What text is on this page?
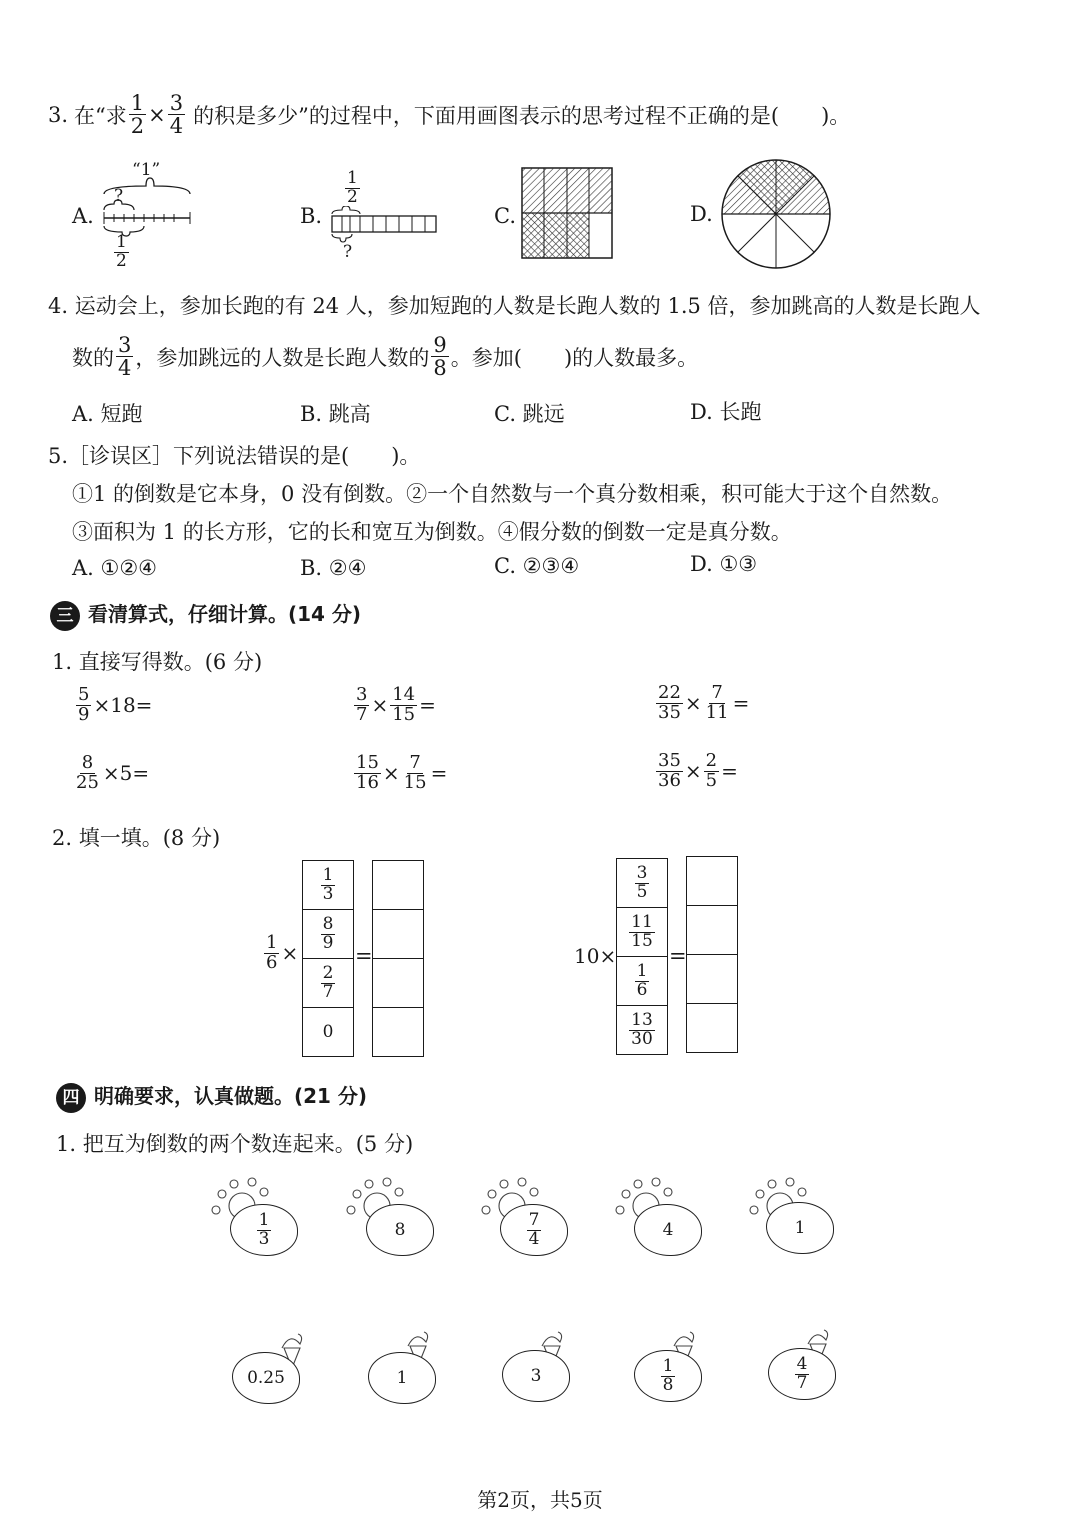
3. 在“求 $\frac{1}{2} \times \frac{3}{4}$ 的积是多少”的过程中，下面用画图表示的思考过程不正确的是(　　)。
A.
“1”
?
$\frac{1}{2}$
B.
$\frac{1}{2}$
?
C.	D.
4. 运动会上，参加长跑的有 24 人，参加短跑的人数是长跑人数的 1.5 倍，参加跳高的人数是长跑人
数的 $\frac{3}{4}$ ，参加跳远的人数是长跑人数的 $\frac{9}{8}$ 。参加(　　)的人数最多。
A. 短跑	B. 跳高	C. 跳远	D. 长跑
5.［诊误区］下列说法错误的是(　　)。
①1 的倒数是它本身，0 没有倒数。②一个自然数与一个真分数相乘，积可能大于这个自然数。
③面积为 1 的长方形，它的长和宽互为倒数。④假分数的倒数一定是真分数。
A. ①②④	B. ②④	C. ②③④	D. ①③
三 看清算式，仔细计算。(14 分)
1. 直接写得数。(6 分)
$\frac{5}{9} \times 18$ =	$\frac{3}{7} \times \frac{14}{15}$ =	$\frac{22}{35} \times \frac{7}{11}$ =
$\frac{8}{25} \times 5$ =	$\frac{15}{16} \times \frac{7}{15}$ =	$\frac{35}{36} \times \frac{2}{5}$ =
2. 填一填。(8 分)
$\frac{1}{6}$ ×
$\frac{1}{3}$
$\frac{8}{9}$
$\frac{2}{7}$
0
=	10 ×
$\frac{3}{5}$
$\frac{11}{15}$
$\frac{1}{6}$
$\frac{13}{30}$
=
四 明确要求，认真做题。(21 分)
1. 把互为倒数的两个数连起来。(5 分)
$\frac{1}{3}$	8	$\frac{7}{4}$	4	1
0.25	1	3	$\frac{1}{8}$	$\frac{4}{7}$
第2页，共5页
